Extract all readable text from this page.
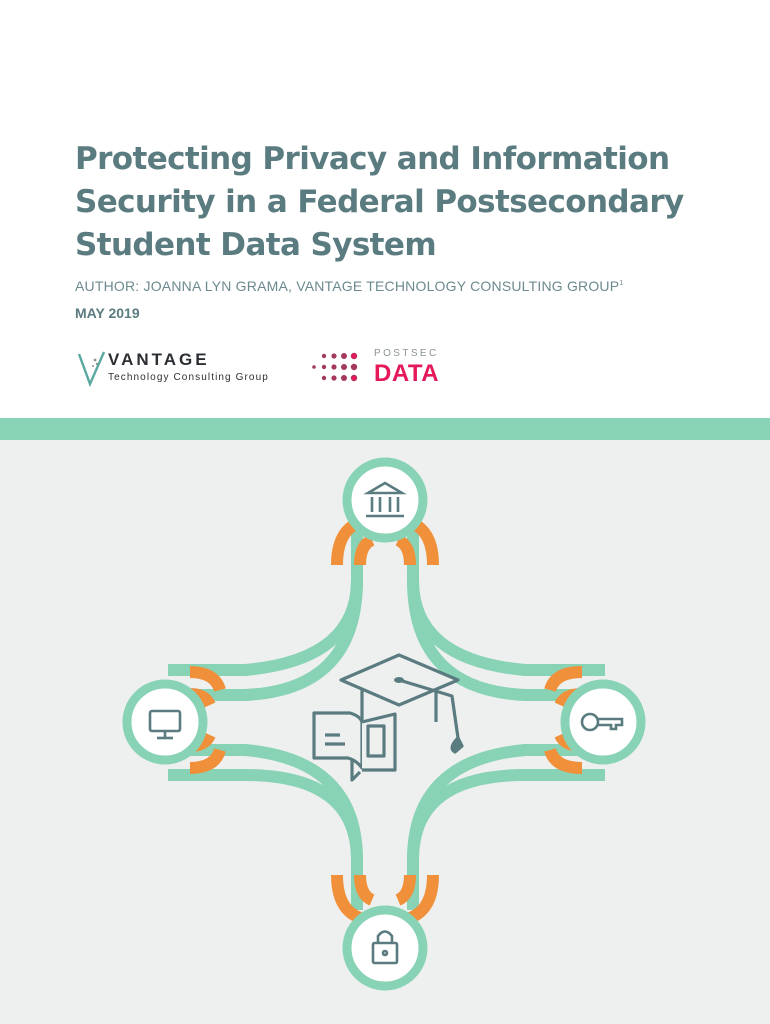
Protecting Privacy and Information
Security in a Federal Postsecondary
Student Data System
AUTHOR: JOANNA LYN GRAMA, VANTAGE TECHNOLOGY CONSULTING GROUP$^1$
MAY 2019
VANTAGE
Technology Consulting Group
POSTSEC
DATA
